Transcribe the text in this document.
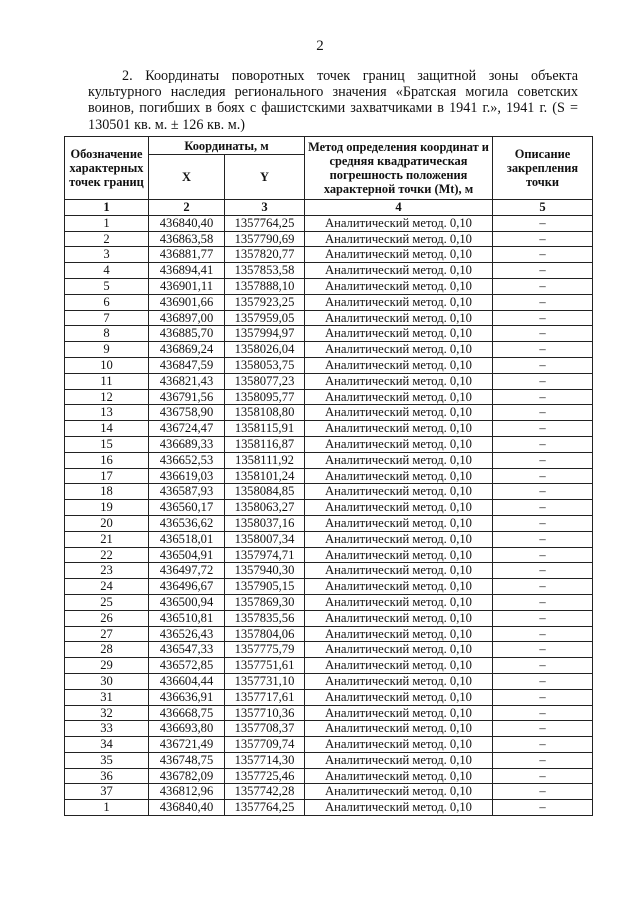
2
2. Координаты поворотных точек границ защитной зоны объекта культурного наследия регионального значения «Братская могила советских воинов, погибших в боях с фашистскими захватчиками в 1941 г.», 1941 г. (S = 130501 кв. м. ± 126 кв. м.)
Обозначение характерных точек границ	Координаты, м		Метод определения координат и средняя квадратическая погрешность положения характерной точки (Mt), м	Описание закрепления точки
	X	Y		
1	2	3	4	5
1	436840,40	1357764,25	Аналитический метод. 0,10	–
2	436863,58	1357790,69	Аналитический метод. 0,10	–
3	436881,77	1357820,77	Аналитический метод. 0,10	–
4	436894,41	1357853,58	Аналитический метод. 0,10	–
5	436901,11	1357888,10	Аналитический метод. 0,10	–
6	436901,66	1357923,25	Аналитический метод. 0,10	–
7	436897,00	1357959,05	Аналитический метод. 0,10	–
8	436885,70	1357994,97	Аналитический метод. 0,10	–
9	436869,24	1358026,04	Аналитический метод. 0,10	–
10	436847,59	1358053,75	Аналитический метод. 0,10	–
11	436821,43	1358077,23	Аналитический метод. 0,10	–
12	436791,56	1358095,77	Аналитический метод. 0,10	–
13	436758,90	1358108,80	Аналитический метод. 0,10	–
14	436724,47	1358115,91	Аналитический метод. 0,10	–
15	436689,33	1358116,87	Аналитический метод. 0,10	–
16	436652,53	1358111,92	Аналитический метод. 0,10	–
17	436619,03	1358101,24	Аналитический метод. 0,10	–
18	436587,93	1358084,85	Аналитический метод. 0,10	–
19	436560,17	1358063,27	Аналитический метод. 0,10	–
20	436536,62	1358037,16	Аналитический метод. 0,10	–
21	436518,01	1358007,34	Аналитический метод. 0,10	–
22	436504,91	1357974,71	Аналитический метод. 0,10	–
23	436497,72	1357940,30	Аналитический метод. 0,10	–
24	436496,67	1357905,15	Аналитический метод. 0,10	–
25	436500,94	1357869,30	Аналитический метод. 0,10	–
26	436510,81	1357835,56	Аналитический метод. 0,10	–
27	436526,43	1357804,06	Аналитический метод. 0,10	–
28	436547,33	1357775,79	Аналитический метод. 0,10	–
29	436572,85	1357751,61	Аналитический метод. 0,10	–
30	436604,44	1357731,10	Аналитический метод. 0,10	–
31	436636,91	1357717,61	Аналитический метод. 0,10	–
32	436668,75	1357710,36	Аналитический метод. 0,10	–
33	436693,80	1357708,37	Аналитический метод. 0,10	–
34	436721,49	1357709,74	Аналитический метод. 0,10	–
35	436748,75	1357714,30	Аналитический метод. 0,10	–
36	436782,09	1357725,46	Аналитический метод. 0,10	–
37	436812,96	1357742,28	Аналитический метод. 0,10	–
1	436840,40	1357764,25	Аналитический метод. 0,10	–
